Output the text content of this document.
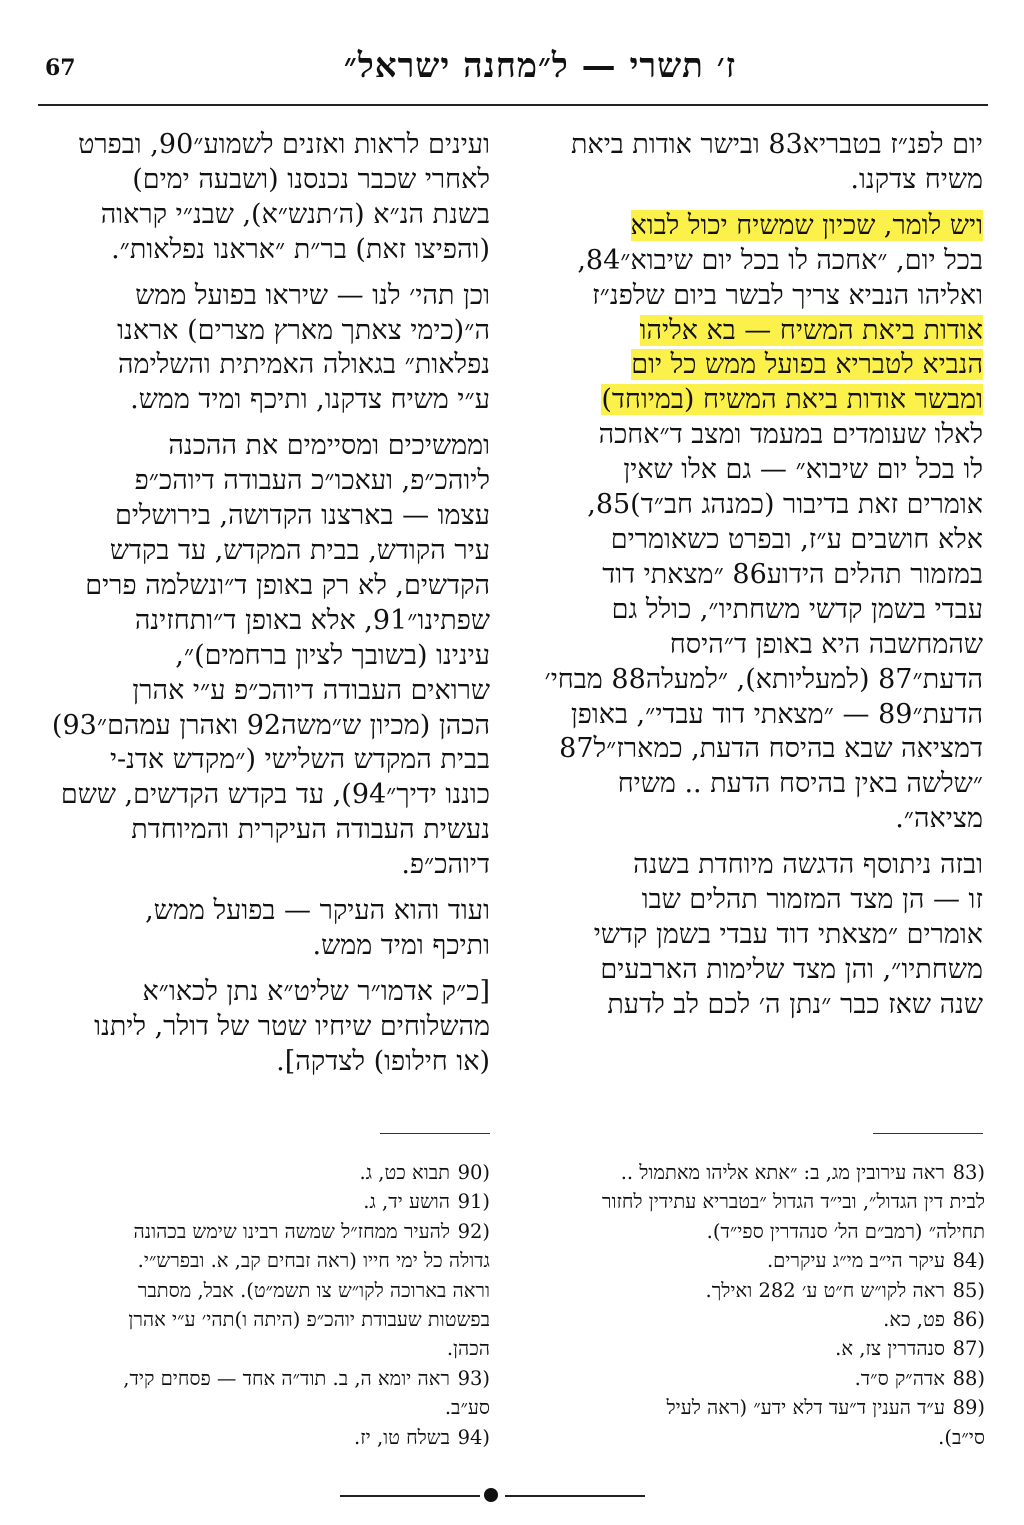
67	ז׳ תשרי — ל״מחנה ישראל״
יום לפנ״ז בטבריא83 ובישר אודות ביאת
משיח צדקנו.
ויש לומר, שכיון שמשיח יכול לבוא
בכל יום, ״אחכה לו בכל יום שיבוא״84,
ואליהו הנביא צריך לבשר ביום שלפנ״ז
אודות ביאת המשיח — בא אליהו
הנביא לטבריא בפועל ממש כל יום
ומבשר אודות ביאת המשיח (במיוחד)
לאלו שעומדים במעמד ומצב ד״אחכה
לו בכל יום שיבוא״ — גם אלו שאין
אומרים זאת בדיבור (כמנהג חב״ד)85,
אלא חושבים ע״ז, ובפרט כשאומרים
במזמור תהלים הידוע86 ״מצאתי דוד
עבדי בשמן קדשי משחתיו״, כולל גם
שהמחשבה היא באופן ד״היסח
הדעת״87 (למעליותא), ״למעלה88 מבחי׳
הדעת״89 — ״מצאתי דוד עבדי״, באופן
דמציאה שבא בהיסח הדעת, כמארז״ל87
״שלשה באין בהיסח הדעת .. משיח
מציאה״.
ובזה ניתוסף הדגשה מיוחדת בשנה
זו — הן מצד המזמור תהלים שבו
אומרים ״מצאתי דוד עבדי בשמן קדשי
משחתיו״, והן מצד שלימות הארבעים
שנה שאז כבר ״נתן ה׳ לכם לב לדעת
ועינים לראות ואזנים לשמוע״90, ובפרט
לאחרי שכבר נכנסנו (ושבעה ימים)
בשנת הנ״א (ה׳תנש״א), שבנ״י קראוה
(והפיצו זאת) בר״ת ״אראנו נפלאות״.
וכן תהי׳ לנו — שיראו בפועל ממש
ה״(כימי צאתך מארץ מצרים) אראנו
נפלאות״ בגאולה האמיתית והשלימה
ע״י משיח צדקנו, ותיכף ומיד ממש.
וממשיכים ומסיימים את ההכנה
ליוהכ״פ, ועאכו״כ העבודה דיוהכ״פ
עצמו — בארצנו הקדושה, בירושלים
עיר הקודש, בבית המקדש, עד בקדש
הקדשים, לא רק באופן ד״ונשלמה פרים
שפתינו״91, אלא באופן ד״ותחזינה
עינינו (בשובך לציון ברחמים)״,
שרואים העבודה דיוהכ״פ ע״י אהרן
הכהן (מכיון ש״משה92 ואהרן עמהם״93)
בבית המקדש השלישי (״מקדש אדנ-י
כוננו ידיך״94), עד בקדש הקדשים, ששם
נעשית העבודה העיקרית והמיוחדת
דיוהכ״פ.
ועוד והוא העיקר — בפועל ממש,
ותיכף ומיד ממש.
[כ״ק אדמו״ר שליט״א נתן לכאו״א
מהשלוחים שיחיו שטר של דולר, ליתנו
(או חילופו) לצדקה].
(83ראה עירובין מג, ב: ״אתא אליהו מאתמול ..
לבית דין הגדול״, ובי״ד הגדול ״בטבריא עתידין לחזור
תחילה״ (רמב״ם הל׳ סנהדרין ספי״ד).
(84עיקר הי״ב מי״ג עיקרים.
(85ראה לקו״ש ח״ט ע׳ 282 ואילך.
(86פט, כא.
(87סנהדרין צז, א.
(88אדה״ק ס״ד.
(89ע״ד הענין ד״עד דלא ידע״ (ראה לעיל
סי״ב).
(90תבוא כט, ג.
(91הושע יד, ג.
(92להעיר ממחז״ל שמשה רבינו שימש בכהונה
גדולה כל ימי חייו (ראה זבחים קב, א. ובפרש״י.
וראה בארוכה לקו״ש צו תשמ״ט). אבל, מסתבר
בפשטות שעבודת יוהכ״פ (היתה ו)תהי׳ ע״י אהרן
הכהן.
(93ראה יומא ה, ב. תוד״ה אחד — פסחים קיד,
סע״ב.
(94בשלח טו, יז.
